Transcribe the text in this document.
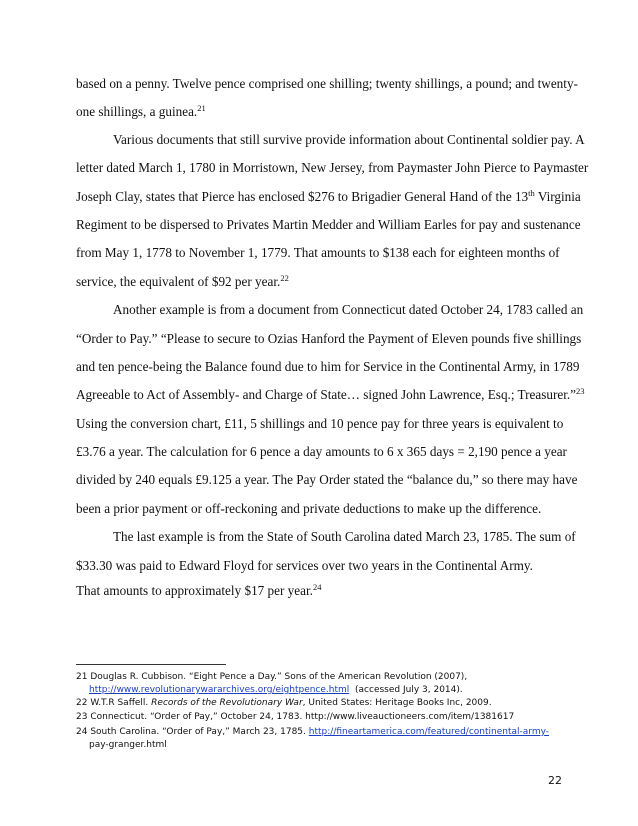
based on a penny. Twelve pence comprised one shilling; twenty shillings, a pound; and twenty-
one shillings, a guinea.$^{21}$
Various documents that still survive provide information about Continental soldier pay. A
letter dated March 1, 1780 in Morristown, New Jersey, from Paymaster John Pierce to Paymaster
Joseph Clay, states that Pierce has enclosed $276 to Brigadier General Hand of the 13th Virginia
Regiment to be dispersed to Privates Martin Medder and William Earles for pay and sustenance
from May 1, 1778 to November 1, 1779. That amounts to $138 each for eighteen months of
service, the equivalent of $92 per year.$^{22}$
Another example is from a document from Connecticut dated October 24, 1783 called an
“Order to Pay.” “Please to secure to Ozias Hanford the Payment of Eleven pounds five shillings
and ten pence-being the Balance found due to him for Service in the Continental Army, in 1789
Agreeable to Act of Assembly- and Charge of State… signed John Lawrence, Esq.; Treasurer.”$^{23}$
Using the conversion chart, £11, 5 shillings and 10 pence pay for three years is equivalent to
£3.76 a year. The calculation for 6 pence a day amounts to 6 x 365 days = 2,190 pence a year
divided by 240 equals £9.125 a year. The Pay Order stated the “balance du,” so there may have
been a prior payment or off-reckoning and private deductions to make up the difference.
The last example is from the State of South Carolina dated March 23, 1785. The sum of
$33.30 was paid to Edward Floyd for services over two years in the Continental Army.
That amounts to approximately $17 per year.$^{24}$
21 Douglas R. Cubbison. “Eight Pence a Day.” Sons of the American Revolution (2007),
http://www.revolutionarywararchives.org/eightpence.html (accessed July 3, 2014).
22 W.T.R Saffell. Records of the Revolutionary War, United States: Heritage Books Inc, 2009.
23 Connecticut. “Order of Pay,” October 24, 1783. http://www.liveauctioneers.com/item/1381617
24 South Carolina. “Order of Pay,” March 23, 1785. http://fineartamerica.com/featured/continental-army-
pay-granger.html
22
